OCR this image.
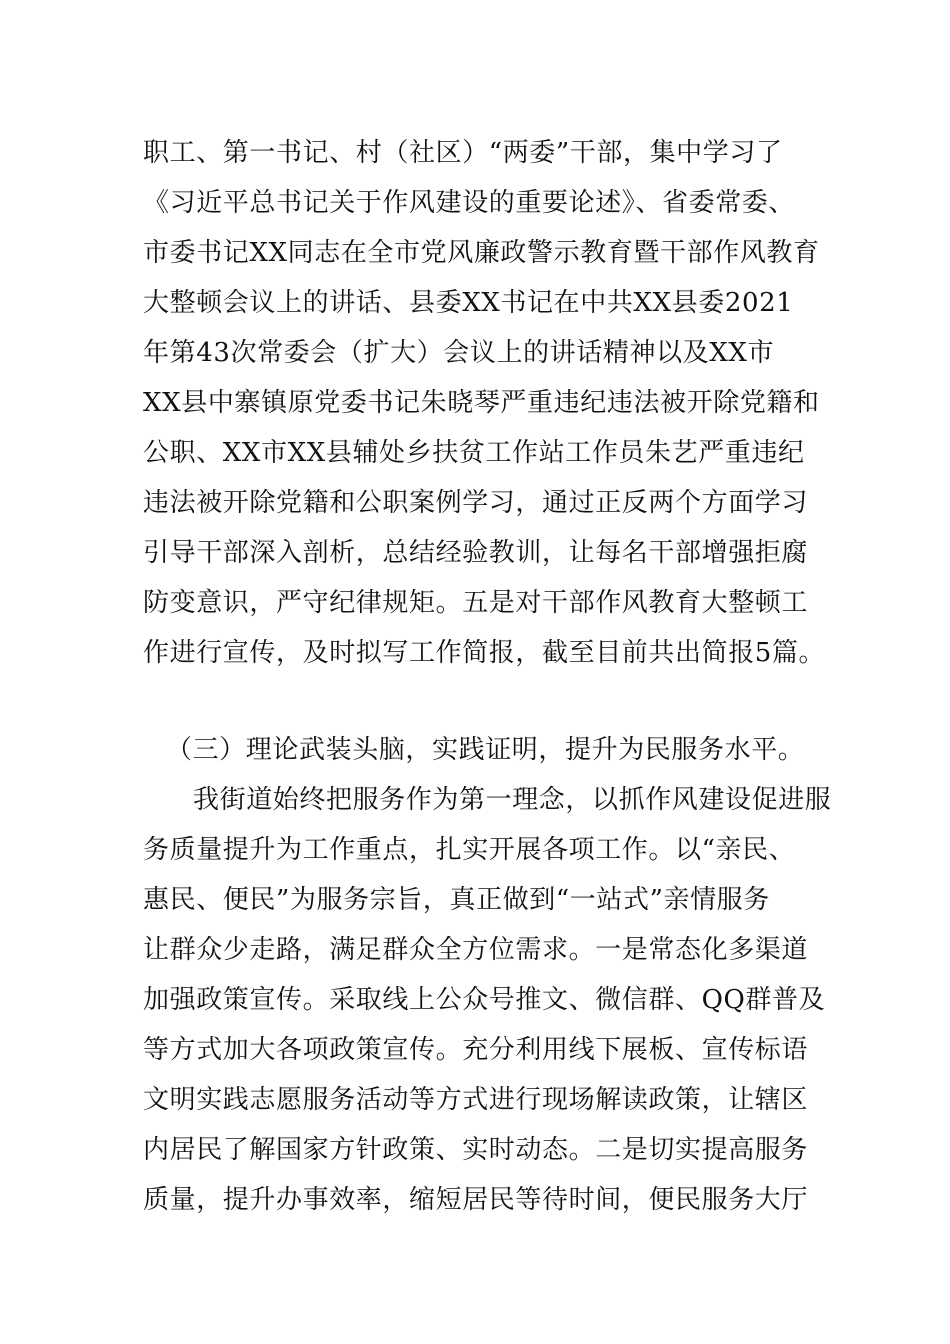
职工、第一书记、村（社区）“两委”干部，集中学习了
《习近平总书记关于作风建设的重要论述》、省委常委、
市委书记XX同志在全市党风廉政警示教育暨干部作风教育
大整顿会议上的讲话、县委XX书记在中共XX县委2021
年第43次常委会（扩大）会议上的讲话精神以及XX市
XX县中寨镇原党委书记朱晓琴严重违纪违法被开除党籍和
公职、XX市XX县辅处乡扶贫工作站工作员朱艺严重违纪
违法被开除党籍和公职案例学习，通过正反两个方面学习
引导干部深入剖析，总结经验教训，让每名干部增强拒腐
防变意识，严守纪律规矩。五是对干部作风教育大整顿工
作进行宣传，及时拟写工作简报，截至目前共出简报5篇。
（三）理论武装头脑，实践证明，提升为民服务水平。
我街道始终把服务作为第一理念，以抓作风建设促进服
务质量提升为工作重点，扎实开展各项工作。以“亲民、
惠民、便民”为服务宗旨，真正做到“一站式”亲情服务
让群众少走路，满足群众全方位需求。一是常态化多渠道
加强政策宣传。采取线上公众号推文、微信群、QQ群普及
等方式加大各项政策宣传。充分利用线下展板、宣传标语
文明实践志愿服务活动等方式进行现场解读政策，让辖区
内居民了解国家方针政策、实时动态。二是切实提高服务
质量，提升办事效率，缩短居民等待时间，便民服务大厅
